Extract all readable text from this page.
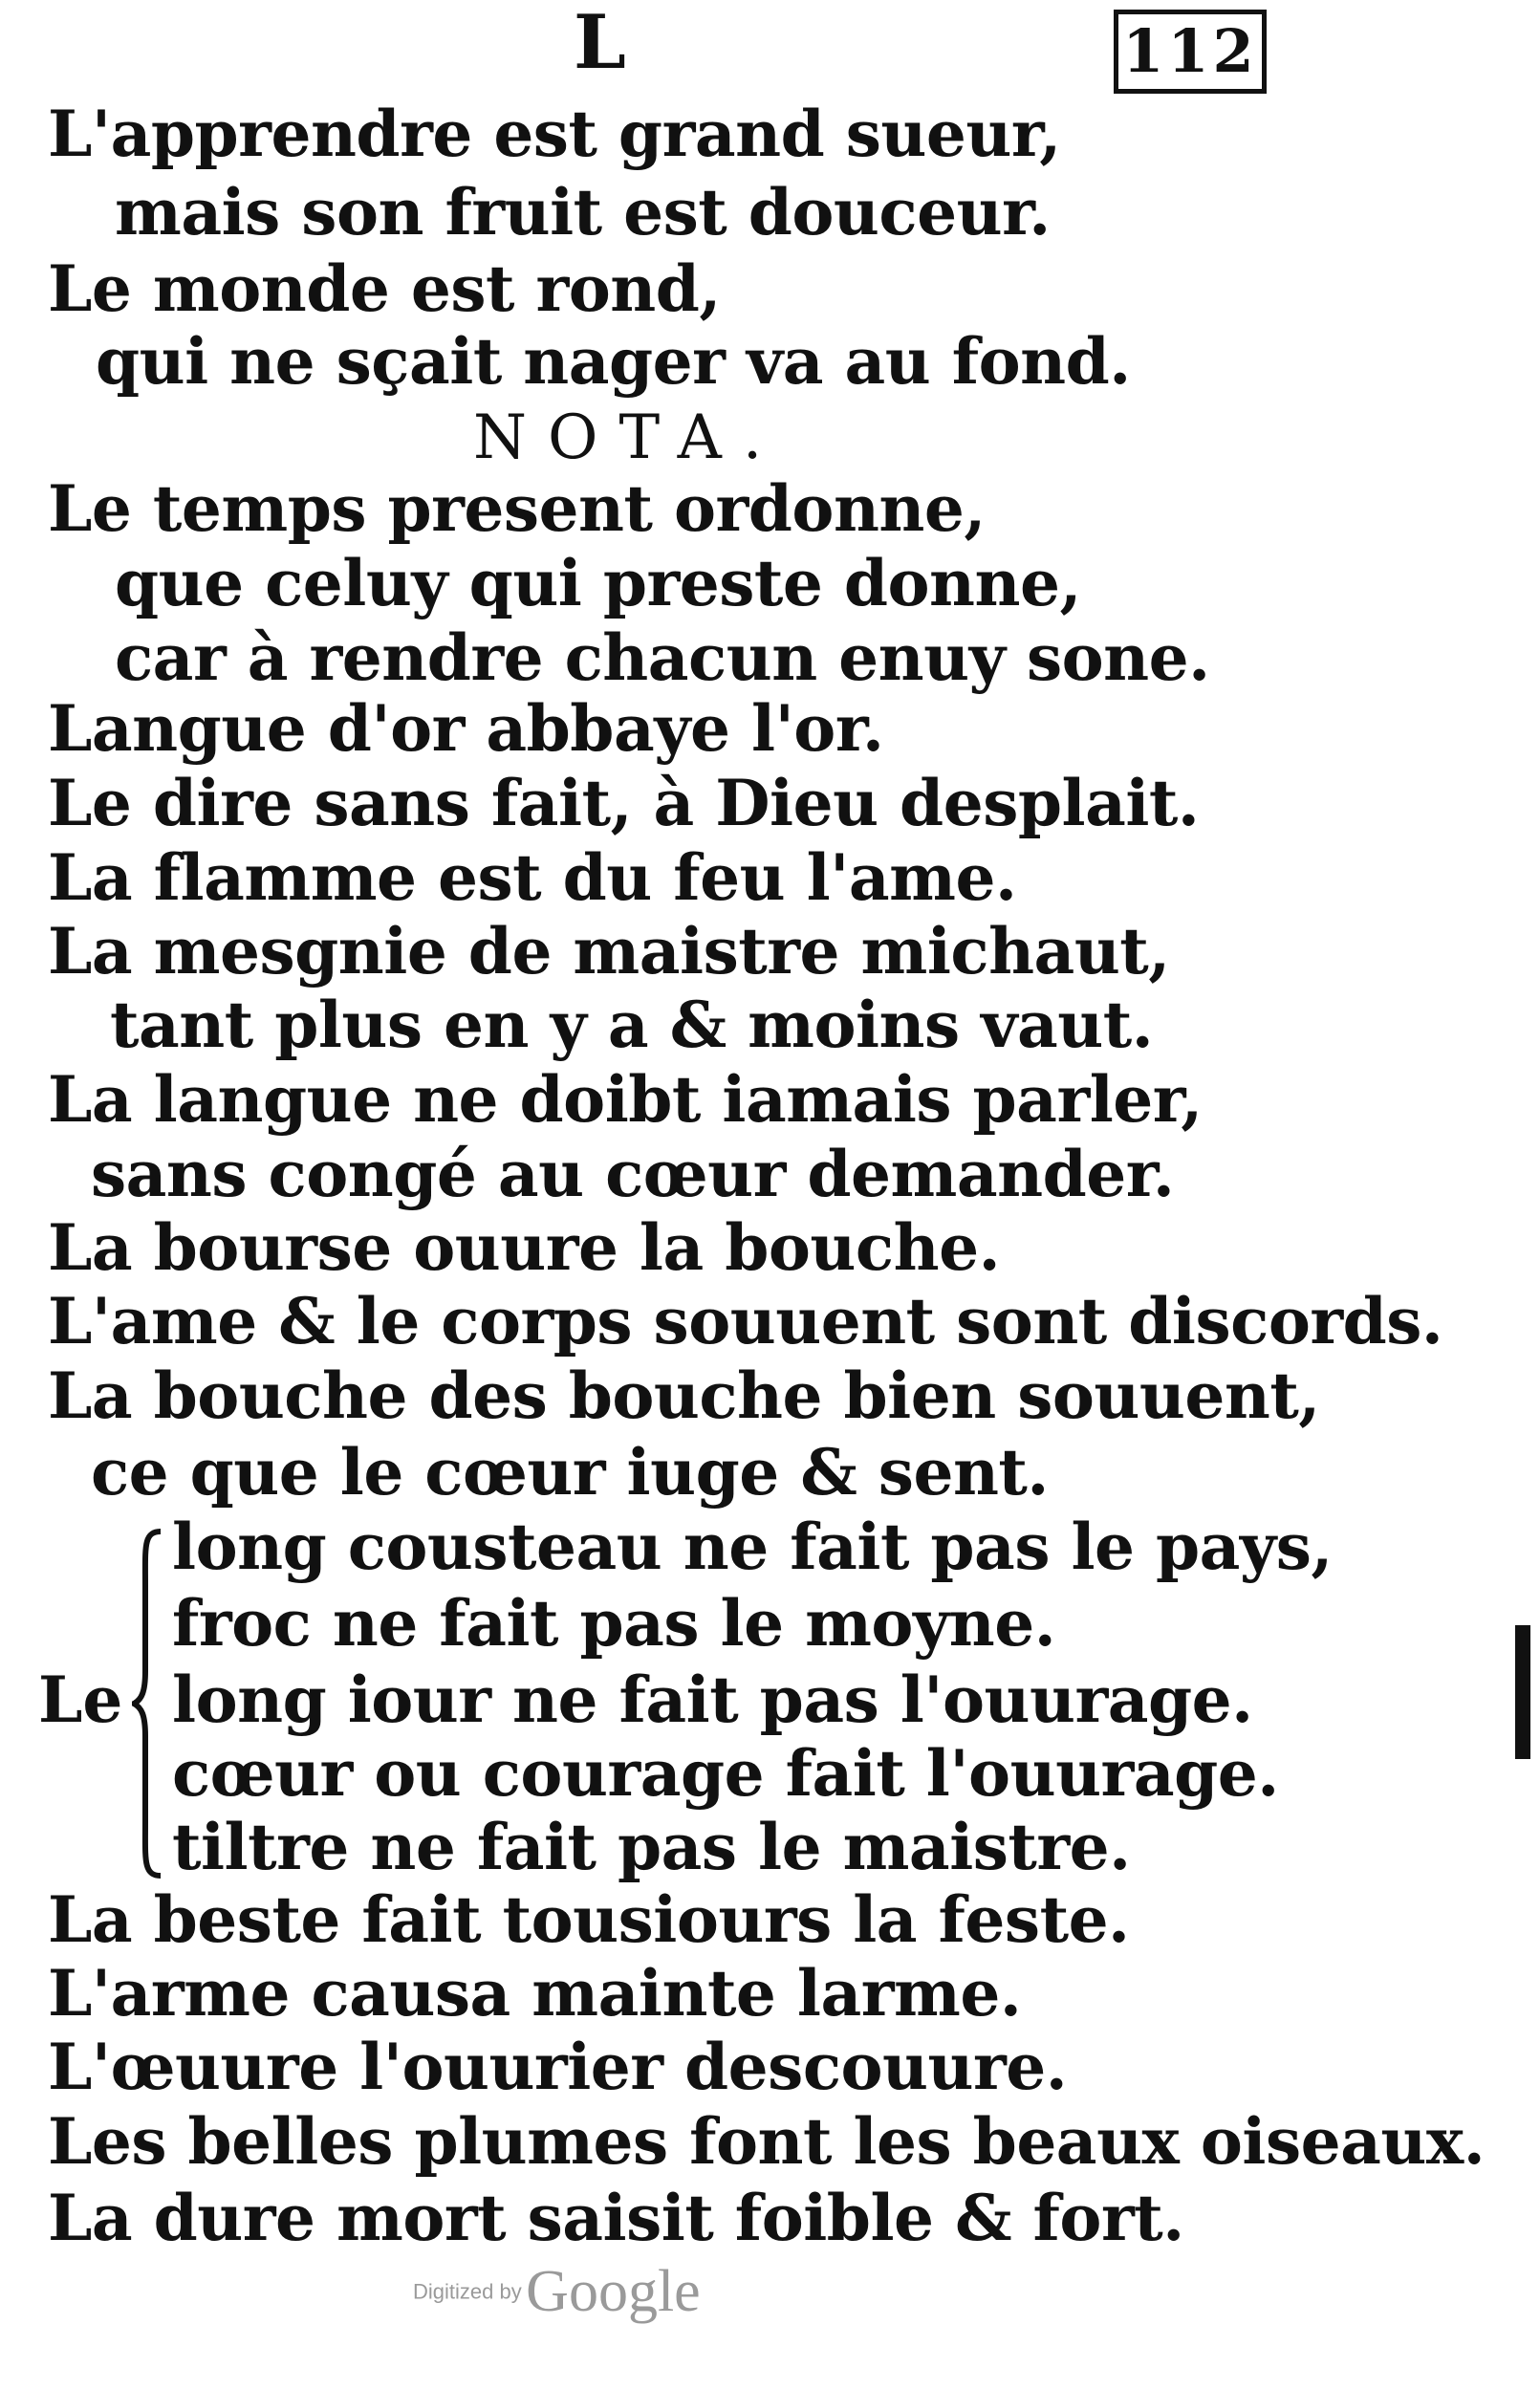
L	112
L'apprendre est grand sueur,
mais son fruit est douceur.
Le monde est rond,
qui ne sçait nager va au fond.
NOTA.
Le temps present ordonne,
que celuy qui preste donne,
car à rendre chacun enuy sone.
Langue d'or abbaye l'or.
Le dire sans fait, à Dieu desplait.
La flamme est du feu l'ame.
La mesgnie de maistre michaut,
tant plus en y a & moins vaut.
La langue ne doibt iamais parler,
sans congé au cœur demander.
La bourse ouure la bouche.
L'ame & le corps souuent sont discords.
La bouche des bouche bien souuent,
ce que le cœur iuge & sent.
Le
long cousteau ne fait pas le pays,
froc ne fait pas le moyne.
long iour ne fait pas l'ouurage.
cœur ou courage fait l'ouurage.
tiltre ne fait pas le maistre.
La beste fait tousiours la feste.
L'arme causa mainte larme.
L'œuure l'ouurier descouure.
Les belles plumes font les beaux oiseaux.
La dure mort saisit foible & fort.
Digitized by Google
